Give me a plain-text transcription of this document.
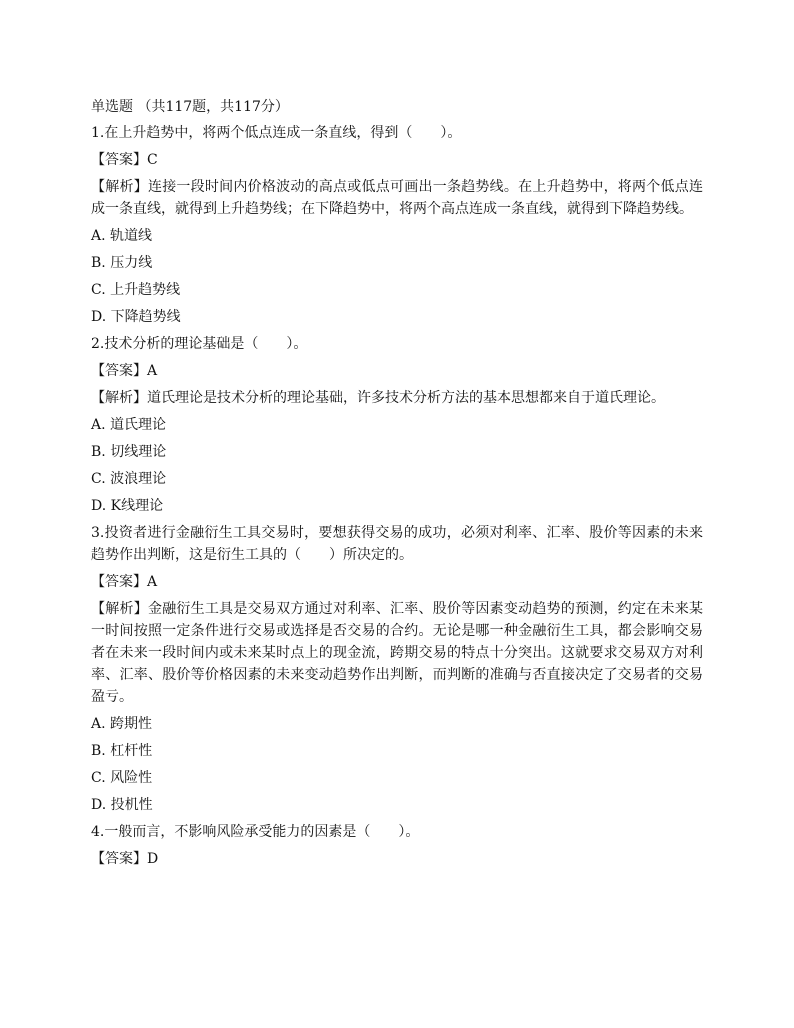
单选题 （共117题，共117分）

1.在上升趋势中，将两个低点连成一条直线，得到（　　）。

【答案】C

【解析】连接一段时间内价格波动的高点或低点可画出一条趋势线。在上升趋势中，将两个低点连成一条直线，就得到上升趋势线；在下降趋势中，将两个高点连成一条直线，就得到下降趋势线。

A. 轨道线

B. 压力线

C. 上升趋势线

D. 下降趋势线

2.技术分析的理论基础是（　　）。

【答案】A

【解析】道氏理论是技术分析的理论基础，许多技术分析方法的基本思想都来自于道氏理论。

A. 道氏理论

B. 切线理论

C. 波浪理论

D. K线理论

3.投资者进行金融衍生工具交易时，要想获得交易的成功，必须对利率、汇率、股价等因素的未来趋势作出判断，这是衍生工具的（　　）所决定的。

【答案】A

【解析】金融衍生工具是交易双方通过对利率、汇率、股价等因素变动趋势的预测，约定在未来某一时间按照一定条件进行交易或选择是否交易的合约。无论是哪一种金融衍生工具，都会影响交易者在未来一段时间内或未来某时点上的现金流，跨期交易的特点十分突出。这就要求交易双方对利率、汇率、股价等价格因素的未来变动趋势作出判断，而判断的准确与否直接决定了交易者的交易盈亏。

A. 跨期性

B. 杠杆性

C. 风险性

D. 投机性

4.一般而言，不影响风险承受能力的因素是（　　）。

【答案】D
